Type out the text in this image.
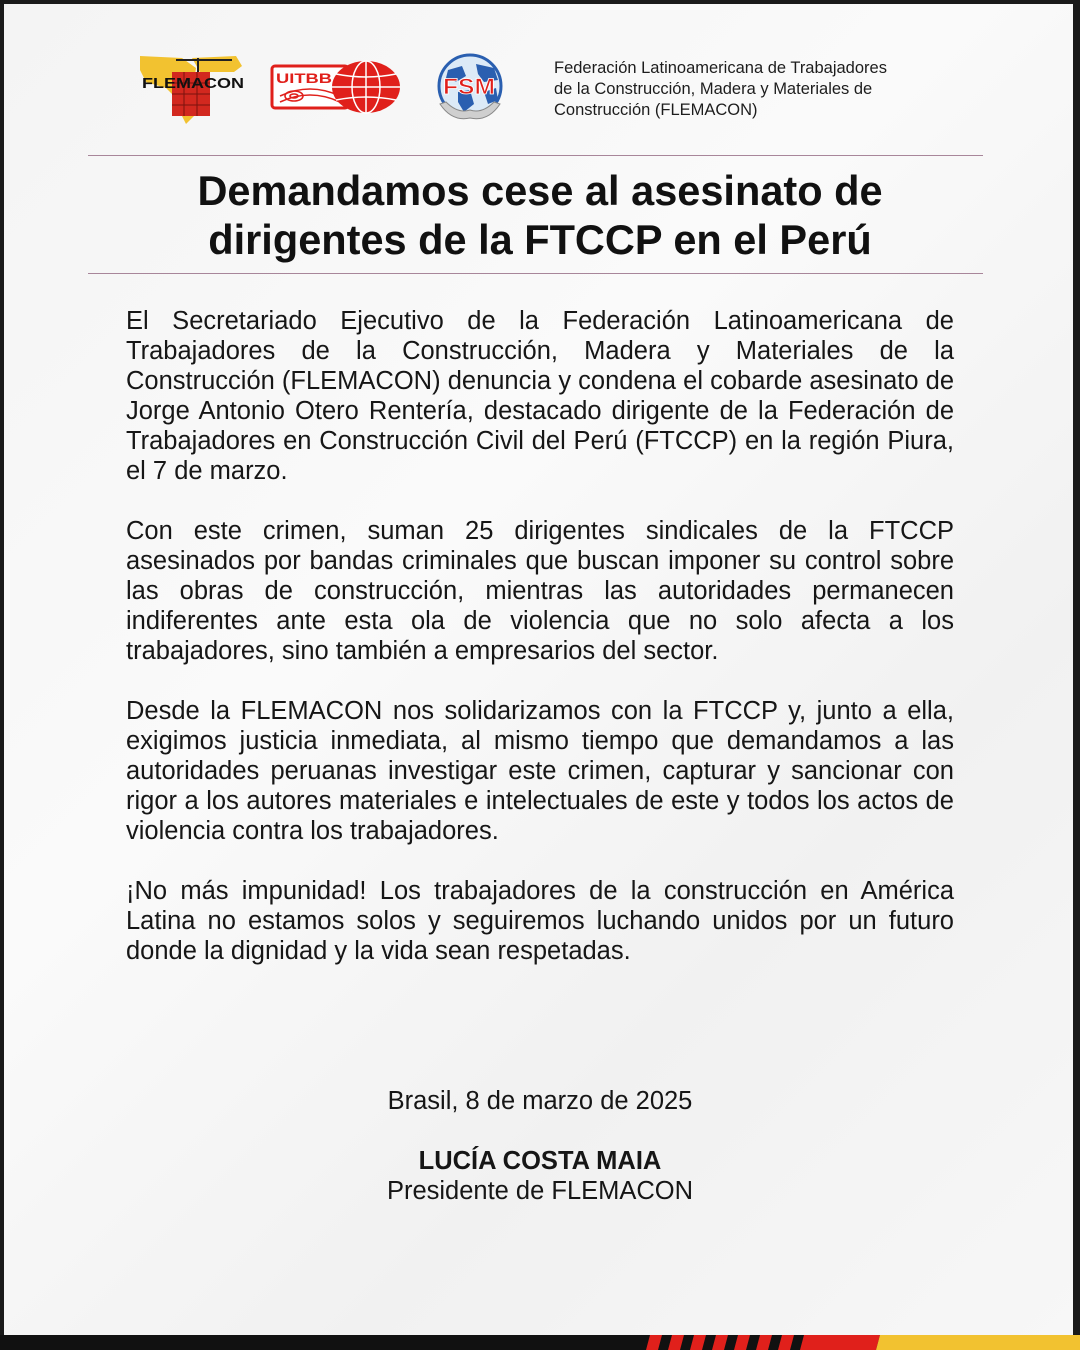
FLEMACON UITBB	FSM
Federación Latinoamericana de Trabajadores
de la Construcción, Madera y Materiales de
Construcción (FLEMACON)
Demandamos cese al asesinato de
dirigentes de la FTCCP en el Perú

El Secretariado Ejecutivo de la Federación Latinoamericana de Trabajadores de la Construcción, Madera y Materiales de la Construcción (FLEMACON) denuncia y condena el cobarde asesinato de Jorge Antonio Otero Rentería, destacado dirigente de la Federación de Trabajadores en Construcción Civil del Perú (FTCCP) en la región Piura, el 7 de marzo.

Con este crimen, suman 25 dirigentes sindicales de la FTCCP asesinados por bandas criminales que buscan imponer su control sobre las obras de construcción, mientras las autoridades permanecen indiferentes ante esta ola de violencia que no solo afecta a los trabajadores, sino también a empresarios del sector.

Desde la FLEMACON nos solidarizamos con la FTCCP y, junto a ella, exigimos justicia inmediata, al mismo tiempo que demandamos a las autoridades peruanas investigar este crimen, capturar y sancionar con rigor a los autores materiales e intelectuales de este y todos los actos de violencia contra los trabajadores.

¡No más impunidad! Los trabajadores de la construcción en América Latina no estamos solos y seguiremos luchando unidos por un futuro donde la dignidad y la vida sean respetadas.

Brasil, 8 de marzo de 2025
LUCÍA COSTA MAIA
Presidente de FLEMACON
